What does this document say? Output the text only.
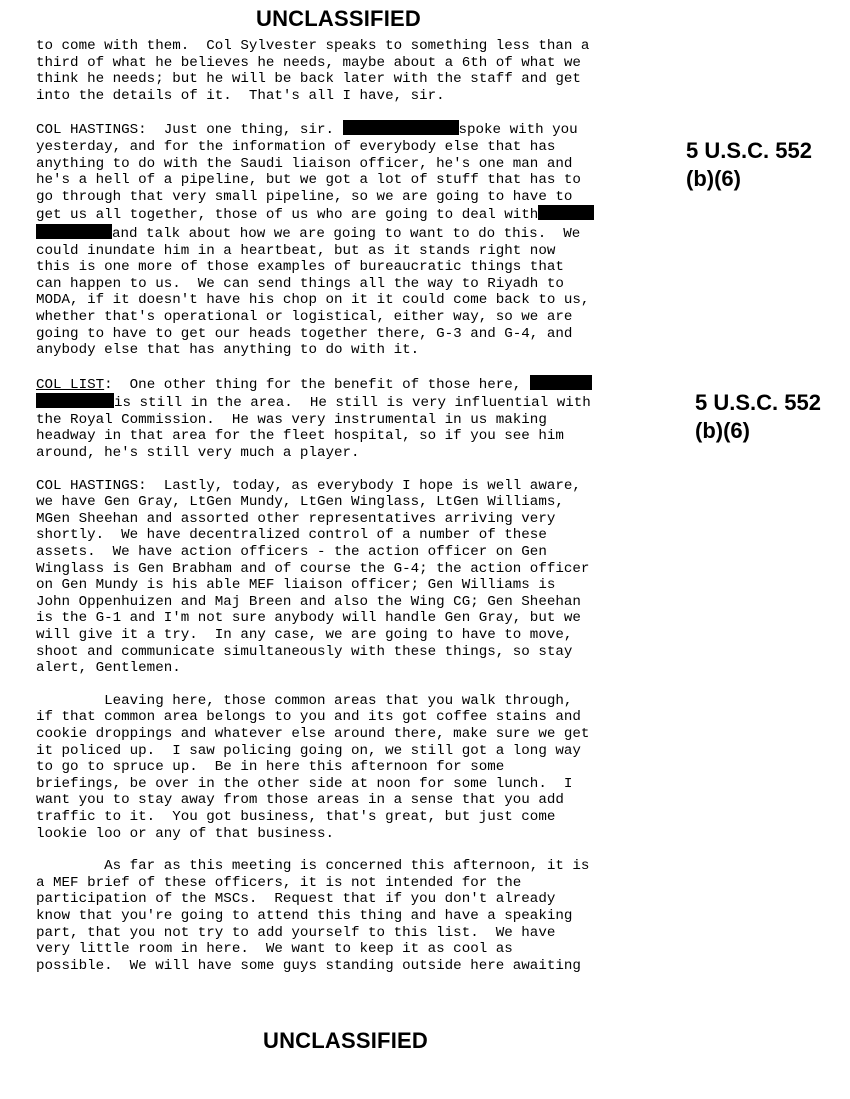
UNCLASSIFIED
to come with them.  Col Sylvester speaks to something less than a
third of what he believes he needs, maybe about a 6th of what we
think he needs; but he will be back later with the staff and get
into the details of it.  That's all I have, sir.
COL HASTINGS:  Just one thing, sir.	spoke with you
yesterday, and for the information of everybody else that has
anything to do with the Saudi liaison officer, he's one man and
he's a hell of a pipeline, but we got a lot of stuff that has to
go through that very small pipeline, so we are going to have to
get us all together, those of us who are going to deal with
and talk about how we are going to want to do this.  We
could inundate him in a heartbeat, but as it stands right now
this is one more of those examples of bureaucratic things that
can happen to us.  We can send things all the way to Riyadh to
MODA, if it doesn't have his chop on it it could come back to us,
whether that's operational or logistical, either way, so we are
going to have to get our heads together there, G-3 and G-4, and
anybody else that has anything to do with it.
COL LIST:  One other thing for the benefit of those here,
is still in the area.  He still is very influential with
the Royal Commission.  He was very instrumental in us making
headway in that area for the fleet hospital, so if you see him
around, he's still very much a player.
COL HASTINGS:  Lastly, today, as everybody I hope is well aware,
we have Gen Gray, LtGen Mundy, LtGen Winglass, LtGen Williams,
MGen Sheehan and assorted other representatives arriving very
shortly.  We have decentralized control of a number of these
assets.  We have action officers - the action officer on Gen
Winglass is Gen Brabham and of course the G-4; the action officer
on Gen Mundy is his able MEF liaison officer; Gen Williams is
John Oppenhuizen and Maj Breen and also the Wing CG; Gen Sheehan
is the G-1 and I'm not sure anybody will handle Gen Gray, but we
will give it a try.  In any case, we are going to have to move,
shoot and communicate simultaneously with these things, so stay
alert, Gentlemen.
Leaving here, those common areas that you walk through,
if that common area belongs to you and its got coffee stains and
cookie droppings and whatever else around there, make sure we get
it policed up.  I saw policing going on, we still got a long way
to go to spruce up.  Be in here this afternoon for some
briefings, be over in the other side at noon for some lunch.  I
want you to stay away from those areas in a sense that you add
traffic to it.  You got business, that's great, but just come
lookie loo or any of that business.
As far as this meeting is concerned this afternoon, it is
a MEF brief of these officers, it is not intended for the
participation of the MSCs.  Request that if you don't already
know that you're going to attend this thing and have a speaking
part, that you not try to add yourself to this list.  We have
very little room in here.  We want to keep it as cool as
possible.  We will have some guys standing outside here awaiting
5 U.S.C. 552
(b)(6)
5 U.S.C. 552
(b)(6)
UNCLASSIFIED
